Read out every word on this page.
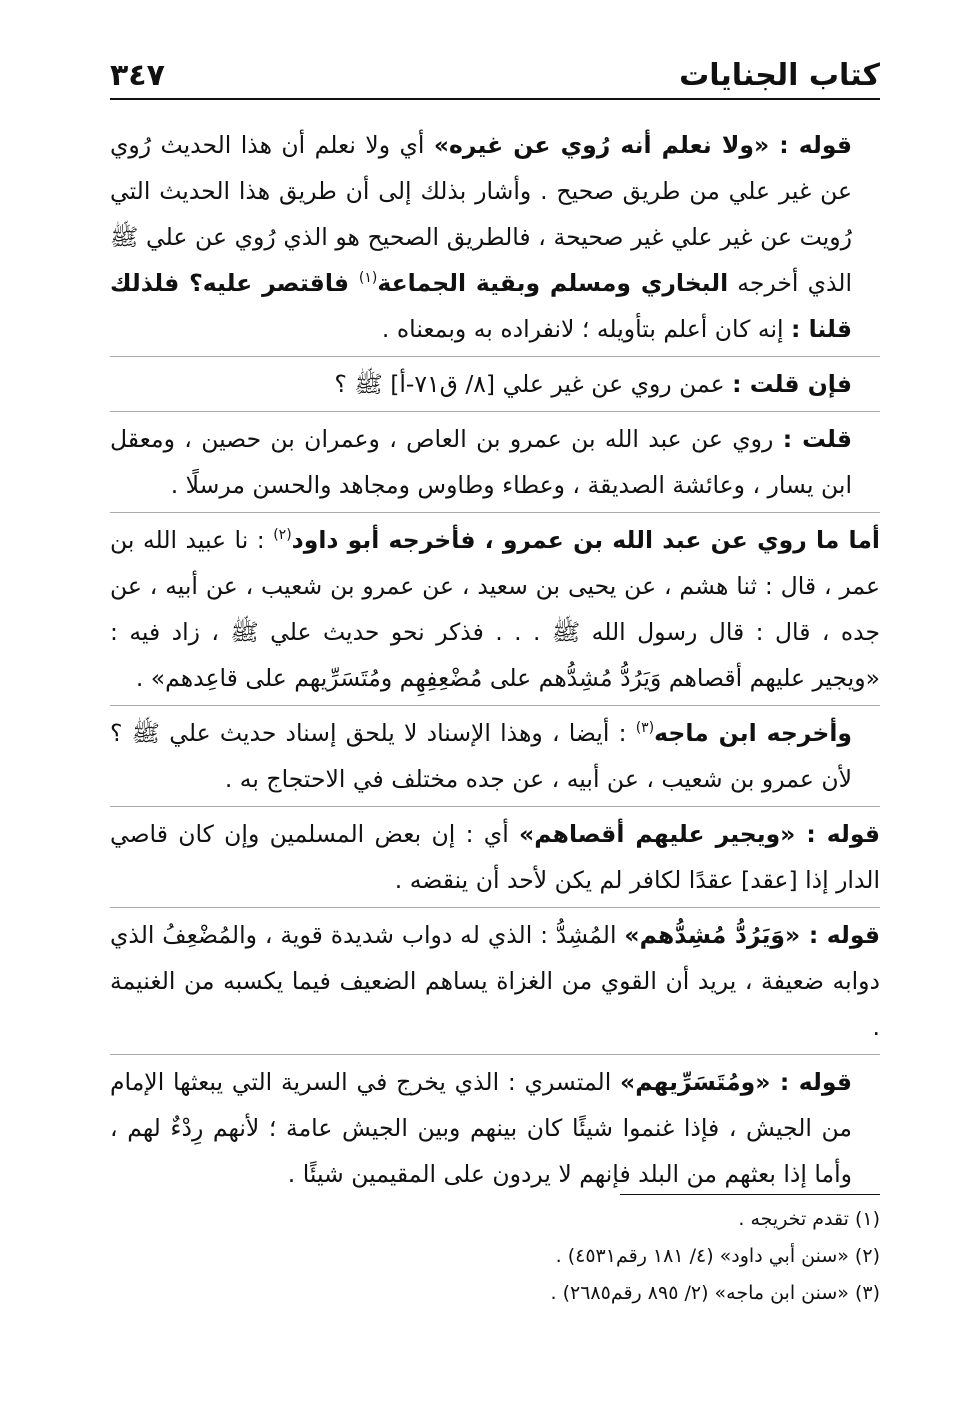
كتاب الجنايات
٣٤٧

قوله : «ولا نعلم أنه رُوي عن غيره» أي ولا نعلم أن هذا الحديث رُوي عن غير علي من طريق صحيح . وأشار بذلك إلى أن طريق هذا الحديث التي رُويت عن غير علي غير صحيحة ، فالطريق الصحيح هو الذي رُوي عن علي ﷺ الذي أخرجه البخاري ومسلم وبقية الجماعة$^{(١)}$ فاقتصر عليه؟ فلذلك قلنا : إنه كان أعلم بتأويله ؛ لانفراده به وبمعناه .

فإن قلت : عمن روي عن غير علي [٨/ ق٧١-أ] ﷺ ؟

قلت : روي عن عبد الله بن عمرو بن العاص ، وعمران بن حصين ، ومعقل ابن يسار ، وعائشة الصديقة ، وعطاء وطاوس ومجاهد والحسن مرسلًا .

أما ما روي عن عبد الله بن عمرو ، فأخرجه أبو داود$^{(٢)}$ : نا عبيد الله بن عمر ، قال : ثنا هشم ، عن يحيى بن سعيد ، عن عمرو بن شعيب ، عن أبيه ، عن جده ، قال : قال رسول الله ﷺ . . . فذكر نحو حديث علي ﷺ ، زاد فيه : «ويجير عليهم أقصاهم وَيَرُدُّ مُشِدُّهم على مُضْعِفِهِم ومُتَسَرِّيهم على قاعِدهم» .

وأخرجه ابن ماجه$^{(٣)}$ : أيضا ، وهذا الإسناد لا يلحق إسناد حديث علي ﷺ ؟ لأن عمرو بن شعيب ، عن أبيه ، عن جده مختلف في الاحتجاج به .

قوله : «ويجير عليهم أقصاهم» أي : إن بعض المسلمين وإن كان قاصي الدار إذا [عقد] عقدًا لكافر لم يكن لأحد أن ينقضه .

قوله : «وَيَرُدُّ مُشِدُّهم» المُشِدُّ : الذي له دواب شديدة قوية ، والمُضْعِفُ الذي دوابه ضعيفة ، يريد أن القوي من الغزاة يساهم الضعيف فيما يكسبه من الغنيمة .

قوله : «ومُتَسَرِّيهم» المتسري : الذي يخرج في السرية التي يبعثها الإمام من الجيش ، فإذا غنموا شيئًا كان بينهم وبين الجيش عامة ؛ لأنهم رِدْءٌ لهم ، وأما إذا بعثهم من البلد فإنهم لا يردون على المقيمين شيئًا .

(١) تقدم تخريجه .

(٢) «سنن أبي داود» (٤/ ١٨١ رقم٤٥٣١) .

(٣) «سنن ابن ماجه» (٢/ ٨٩٥ رقم٢٦٨٥) .
